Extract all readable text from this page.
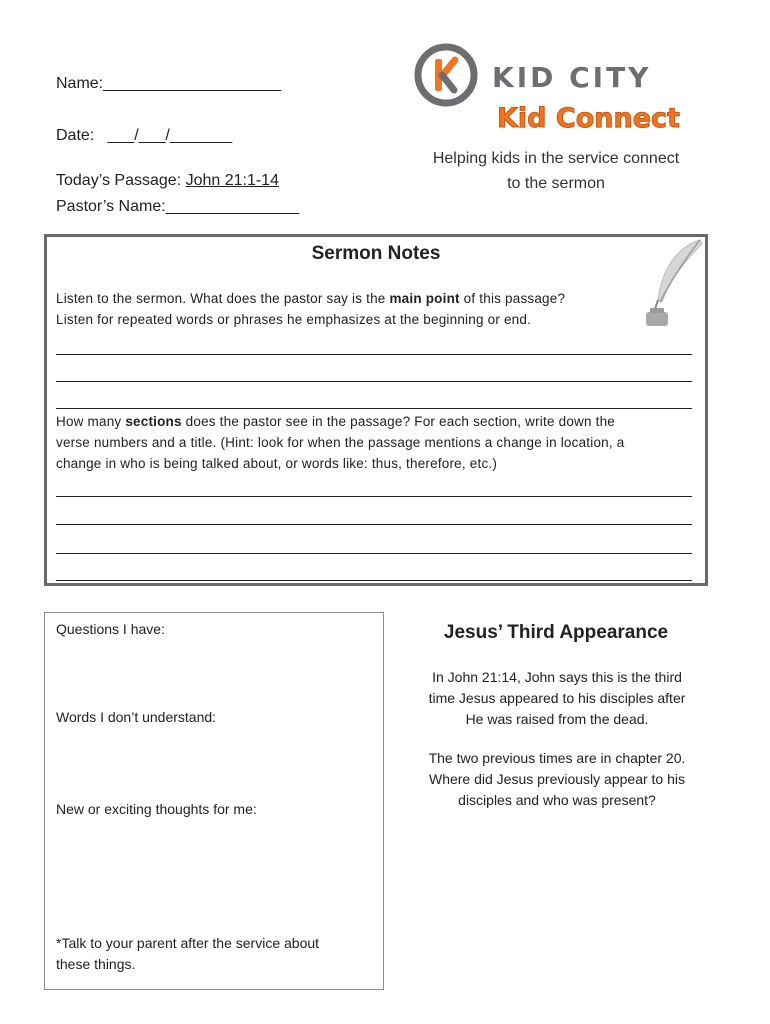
Name:____________________
Date:   ___/___/_______
Today’s Passage: John 21:1-14
Pastor’s Name:_______________
KID CITY
Kid Connect
Helping kids in the service connect
to the sermon
Sermon Notes
Listen to the sermon. What does the pastor say is the main point of this passage?
Listen for repeated words or phrases he emphasizes at the beginning or end.
How many sections does the pastor see in the passage? For each section, write down the
verse numbers and a title. (Hint: look for when the passage mentions a change in location, a
change in who is being talked about, or words like: thus, therefore, etc.)
Questions I have:
Words I don’t understand:
New or exciting thoughts for me:
*Talk to your parent after the service about
these things.
Jesus’ Third Appearance
In John 21:14, John says this is the third
time Jesus appeared to his disciples after
He was raised from the dead.
The two previous times are in chapter 20.
Where did Jesus previously appear to his
disciples and who was present?
